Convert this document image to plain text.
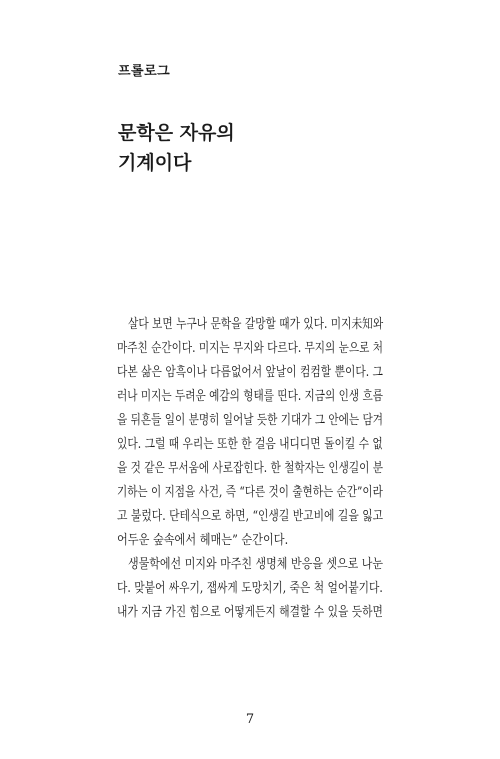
프롤로그
문학은 자유의
기계이다
살다 보면 누구나 문학을 갈망할 때가 있다. 미지未知와
마주친 순간이다. 미지는 무지와 다르다. 무지의 눈으로 처
다본 삶은 암흑이나 다름없어서 앞날이 컴컴할 뿐이다. 그
러나 미지는 두려운 예감의 형태를 띤다. 지금의 인생 흐름
을 뒤흔들 일이 분명히 일어날 듯한 기대가 그 안에는 담겨
있다. 그럴 때 우리는 또한 한 걸음 내디디면 돌이킬 수 없
을 것 같은 무서움에 사로잡힌다. 한 철학자는 인생길이 분
기하는 이 지점을 사건, 즉 “다른 것이 출현하는 순간”이라
고 불렀다. 단테식으로 하면, “인생길 반고비에 길을 잃고
어두운 숲속에서 헤매는” 순간이다.
생물학에선 미지와 마주친 생명체 반응을 셋으로 나눈
다. 맞붙어 싸우기, 잽싸게 도망치기, 죽은 척 얼어붙기다.
내가 지금 가진 힘으로 어떻게든지 해결할 수 있을 듯하면
7
